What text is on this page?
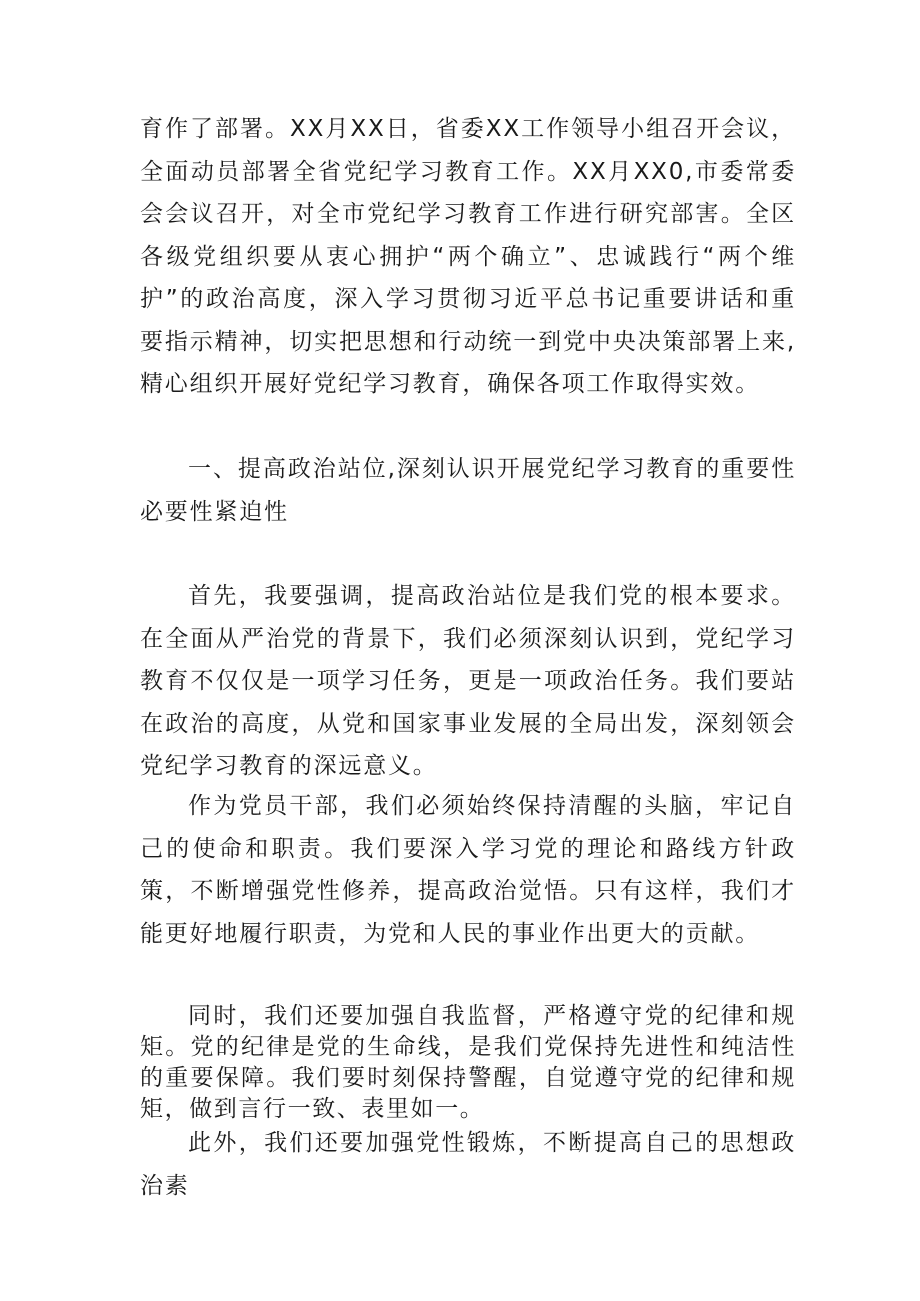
育作了部署。XX月XX日，省委XX工作领导小组召开会议，全面动员部署全省党纪学习教育工作。XX月XX0,市委常委会会议召开，对全市党纪学习教育工作进行研究部害。全区各级党组织要从衷心拥护“两个确立”、忠诚践行“两个维护”的政治高度，深入学习贯彻习近平总书记重要讲话和重要指示精神，切实把思想和行动统一到党中央决策部署上来,精心组织开展好党纪学习教育，确保各项工作取得实效。

一、提高政治站位,深刻认识开展党纪学习教育的重要性必要性紧迫性

首先，我要强调，提高政治站位是我们党的根本要求。在全面从严治党的背景下，我们必须深刻认识到，党纪学习教育不仅仅是一项学习任务，更是一项政治任务。我们要站在政治的高度，从党和国家事业发展的全局出发，深刻领会党纪学习教育的深远意义。

作为党员干部，我们必须始终保持清醒的头脑，牢记自己的使命和职责。我们要深入学习党的理论和路线方针政策，不断增强党性修养，提高政治觉悟。只有这样，我们才能更好地履行职责，为党和人民的事业作出更大的贡献。

同时，我们还要加强自我监督，严格遵守党的纪律和规矩。党的纪律是党的生命线，是我们党保持先进性和纯洁性的重要保障。我们要时刻保持警醒，自觉遵守党的纪律和规矩，做到言行一致、表里如一。

此外，我们还要加强党性锻炼，不断提高自己的思想政治素
